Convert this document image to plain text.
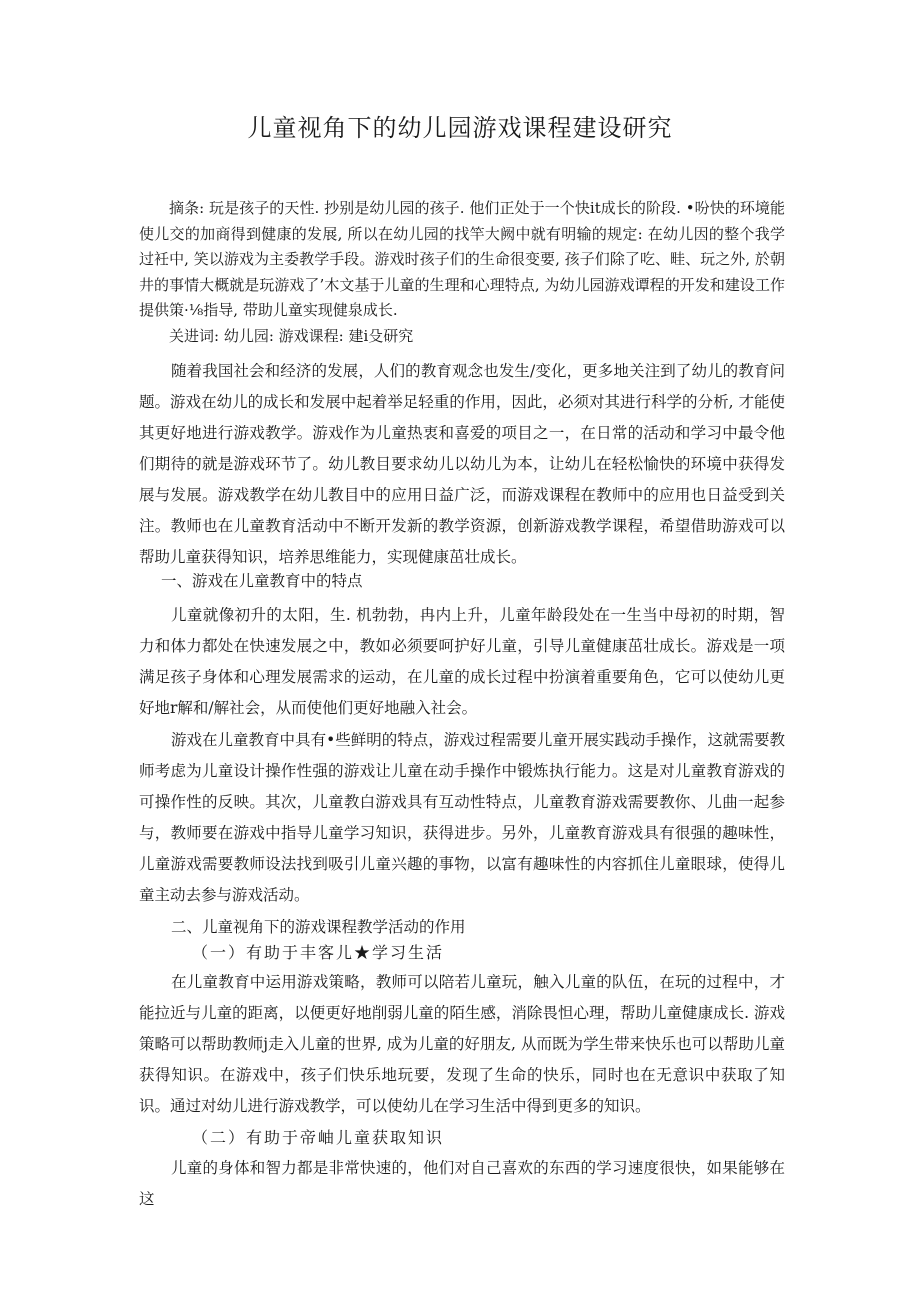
儿童视角下的幼儿园游戏课程建设研究

摘条: 玩是孩子的天性. 抄别是幼儿园的孩子. 他们正处于一个快it成长的阶段. •吩快的环境能使儿交的加商得到健康的发展, 所以在幼儿园的找竿大阙中就有明输的规定: 在幼儿因的整个我学过衽中, 笑以游戏为主委教学手段。游戏时孩子们的生命很变要, 孩子们除了吃、畦、玩之外, 於朝井的事情大概就是玩游戏了’木文基于儿童的生理和心理特点, 为幼儿园游戏谭程的开发和建设工作提供策·⅛指导, 带助儿童实现健泉成长.

关进词: 幼儿园: 游戏课程: 建i殳研究

随着我国社会和经济的发展，人们的教育观念也发生/变化，更多地关注到了幼儿的教育问题。游戏在幼儿的成长和发展中起着举足轻重的作用，因此，必须对其进行科学的分析, 才能使其更好地进行游戏教学。游戏作为儿童热衷和喜爱的项目之一，在日常的活动和学习中最令他们期待的就是游戏环节了。幼儿教目要求幼儿以幼儿为本，让幼儿在轻松愉快的环境中获得发展与发展。游戏教学在幼儿教目中的应用日益广泛，而游戏课程在教师中的应用也日益受到关注。教师也在儿童教育活动中不断开发新的教学资源，创新游戏教学课程，希望借助游戏可以帮助儿童获得知识，培养思维能力，实现健康茁壮成长。

一、游戏在儿童教育中的特点

儿童就像初升的太阳，生. 机勃勃，冉内上升，儿童年龄段处在一生当中母初的时期，智力和体力都处在快速发展之中，教如必须要呵护好儿童，引导儿童健康茁壮成长。游戏是一项满足孩子身体和心理发展需求的运动，在儿童的成长过程中扮演着重要角色，它可以使幼儿更好地r解和/解社会，从而使他们更好地融入社会。

游戏在儿童教育中具有•些鲜明的特点，游戏过程需要儿童开展实践动手操作，这就需要教师考虑为儿童设计操作性强的游戏让儿童在动手操作中锻炼执行能力。这是对儿童教育游戏的可操作性的反映。其次，儿童教白游戏具有互动性特点，儿童教育游戏需要教你、儿曲一起参与，教师要在游戏中指导儿童学习知识，获得进步。另外，儿童教育游戏具有很强的趣味性，儿童游戏需要教师设法找到吸引儿童兴趣的事物，以富有趣味性的内容抓住儿童眼球，使得儿童主动去参与游戏活动。

二、儿童视角下的游戏课程教学活动的作用

（一）有助于丰客儿★学习生活

在儿童教育中运用游戏策略，教师可以陪若儿童玩，触入儿童的队伍，在玩的过程中，才能拉近与儿童的距离，以便更好地削弱儿童的陌生感，消除畏怛心理，帮助儿童健康成长. 游戏策略可以帮助教师j走入儿童的世界, 成为儿童的好朋友, 从而既为学生带来快乐也可以帮助儿童获得知识。在游戏中，孩子们快乐地玩要，发现了生命的快乐，同时也在无意识中获取了知识。通过对幼儿进行游戏教学，可以使幼儿在学习生活中得到更多的知识。

（二）有助于帝岫儿童获取知识

儿童的身体和智力都是非常快速的，他们对自己喜欢的东西的学习速度很快，如果能够在这
